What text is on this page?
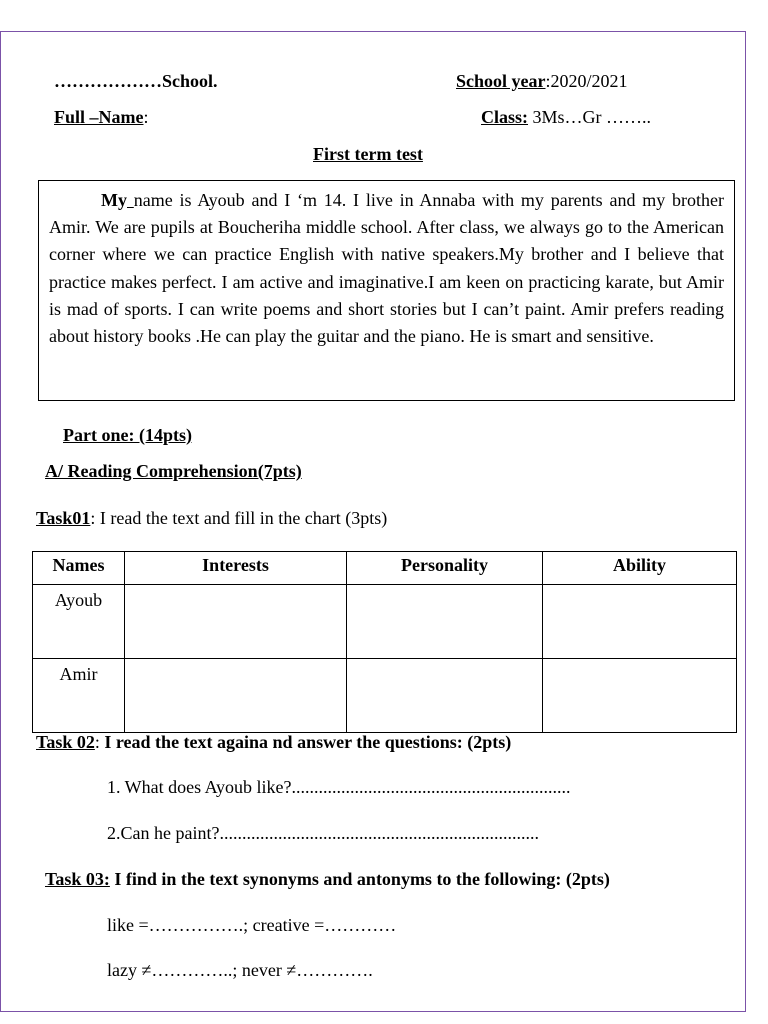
………………School.	School year:2020/2021
Full –Name:	Class: 3Ms…Gr ……..
First term test
My name is Ayoub and I ‘m 14. I live in Annaba with my parents and my brother Amir. We are pupils at Boucheriha middle school. After class, we always go to the American corner where we can practice English with native speakers.My brother and I believe that practice makes perfect. I am active and imaginative.I am keen on practicing karate, but Amir is mad of sports. I can write poems and short stories but I can’t paint. Amir prefers reading about history books .He can play the guitar and the piano. He is smart and sensitive.
Part one: (14pts)
A/ Reading Comprehension(7pts)
Task01: I read the text and fill in the chart (3pts)
Names	Interests	Personality	Ability
Ayoub			
Amir			
Task 02: I read the text againa nd answer the questions: (2pts)
1. What does Ayoub like?..............................................................
2.Can he paint?.......................................................................
Task 03: I find in the text synonyms and antonyms to the following: (2pts)
like =…………….; creative =…………
lazy ≠…………..; never ≠………….
